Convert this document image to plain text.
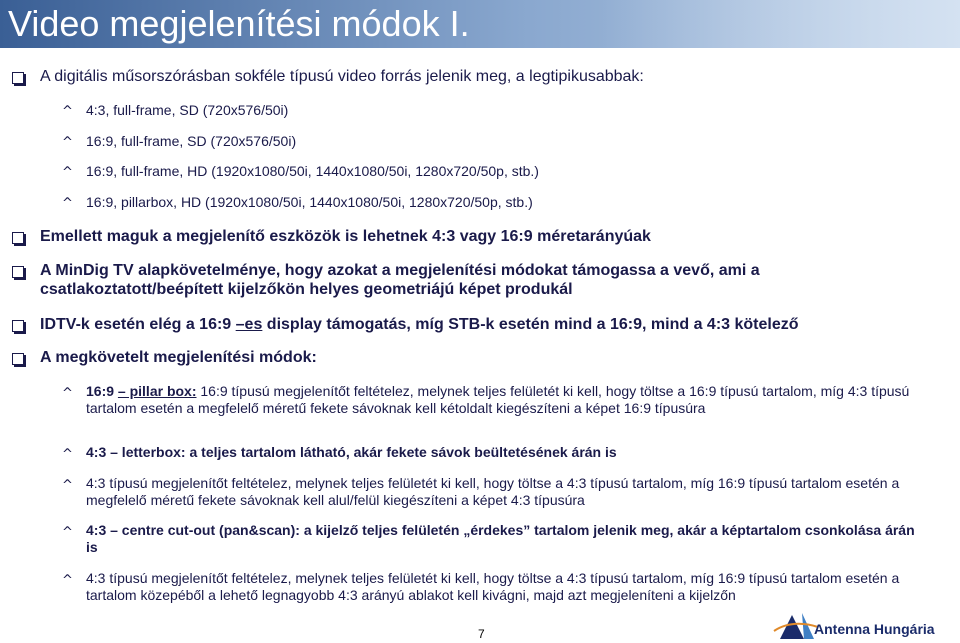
Video megjelenítési módok I.
A digitális műsorszórásban sokféle típusú video forrás jelenik meg, a legtipikusabbak:
^ 4:3, full-frame, SD (720x576/50i)
^ 16:9, full-frame, SD (720x576/50i)
^ 16:9, full-frame, HD (1920x1080/50i, 1440x1080/50i, 1280x720/50p, stb.)
^ 16:9, pillarbox, HD (1920x1080/50i, 1440x1080/50i, 1280x720/50p, stb.)
Emellett maguk a megjelenítő eszközök is lehetnek 4:3 vagy 16:9 méretarányúak
A MinDig TV alapkövetelménye, hogy azokat a megjelenítési módokat támogassa a vevő, ami a
csatlakoztatott/beépített kijelzőkön helyes geometriájú képet produkál
IDTV-k esetén elég a 16:9 –es display támogatás, míg STB-k esetén mind a 16:9, mind a 4:3 kötelező
A megkövetelt megjelenítési módok:
^ 16:9 – pillar box: 16:9 típusú megjelenítőt feltételez, melynek teljes felületét ki kell, hogy töltse a 16:9 típusú tartalom, míg 4:3 típusú tartalom esetén a megfelelő méretű fekete sávoknak kell kétoldalt kiegészíteni a képet 16:9 típusúra
^ 4:3 – letterbox: a teljes tartalom látható, akár fekete sávok beültetésének árán is
^ 4:3 típusú megjelenítőt feltételez, melynek teljes felületét ki kell, hogy töltse a 4:3 típusú tartalom, míg 16:9 típusú tartalom esetén a megfelelő méretű fekete sávoknak kell alul/felül kiegészíteni a képet 4:3 típusúra
^ 4:3 – centre cut-out (pan&scan): a kijelző teljes felületén „érdekes” tartalom jelenik meg, akár a képtartalom csonkolása árán is
^ 4:3 típusú megjelenítőt feltételez, melynek teljes felületét ki kell, hogy töltse a 4:3 típusú tartalom, míg 16:9 típusú tartalom esetén a tartalom közepéből a lehető legnagyobb 4:3 arányú ablakot kell kivágni, majd azt megjeleníteni a kijelzőn
7	Antenna Hungária
